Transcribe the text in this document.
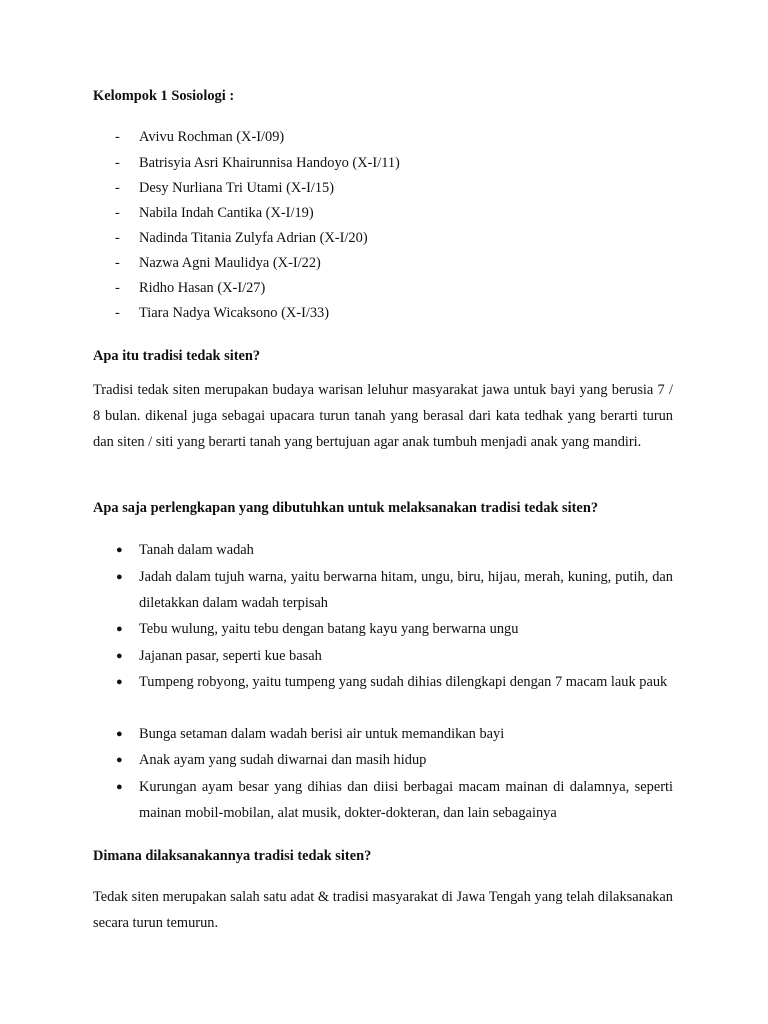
Kelompok 1 Sosiologi :
- Avivu Rochman (X-I/09)
- Batrisyia Asri Khairunnisa Handoyo (X-I/11)
- Desy Nurliana Tri Utami (X-I/15)
- Nabila Indah Cantika (X-I/19)
- Nadinda Titania Zulyfa Adrian (X-I/20)
- Nazwa Agni Maulidya (X-I/22)
- Ridho Hasan (X-I/27)
- Tiara Nadya Wicaksono (X-I/33)
Apa itu tradisi tedak siten?
Tradisi tedak siten merupakan budaya warisan leluhur masyarakat jawa untuk bayi yang berusia 7 / 8 bulan. dikenal juga sebagai upacara turun tanah yang berasal dari kata tedhak yang berarti turun dan siten / siti yang berarti tanah yang bertujuan agar anak tumbuh menjadi anak yang mandiri.
Apa saja perlengkapan yang dibutuhkan untuk melaksanakan tradisi tedak siten?
● Tanah dalam wadah
● Jadah dalam tujuh warna, yaitu berwarna hitam, ungu, biru, hijau, merah, kuning, putih, dan diletakkan dalam wadah terpisah
● Tebu wulung, yaitu tebu dengan batang kayu yang berwarna ungu
● Jajanan pasar, seperti kue basah
● Tumpeng robyong, yaitu tumpeng yang sudah dihias dilengkapi dengan 7 macam lauk pauk
● Bunga setaman dalam wadah berisi air untuk memandikan bayi
● Anak ayam yang sudah diwarnai dan masih hidup
● Kurungan ayam besar yang dihias dan diisi berbagai macam mainan di dalamnya, seperti mainan mobil-mobilan, alat musik, dokter-dokteran, dan lain sebagainya
Dimana dilaksanakannya tradisi tedak siten?
Tedak siten merupakan salah satu adat & tradisi masyarakat di Jawa Tengah yang telah dilaksanakan secara turun temurun.
